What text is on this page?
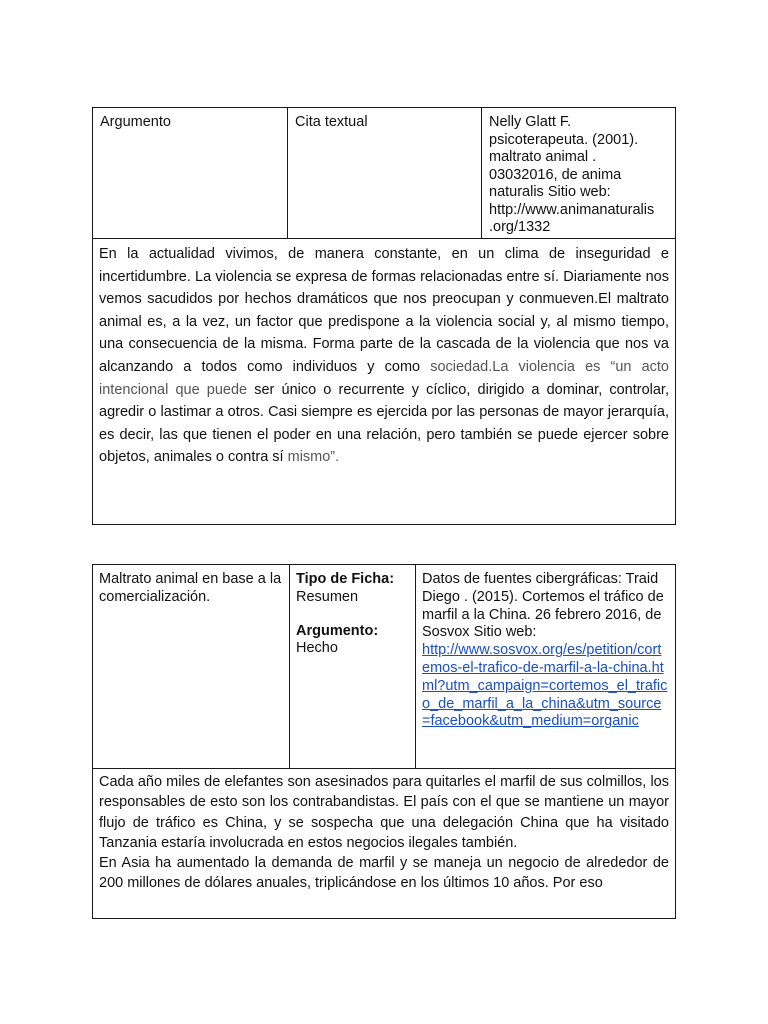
Argumento	Cita textual	Nelly Glatt F. psicoterapeuta. (2001). maltrato animal . 03032016, de anima naturalis Sitio web: http://www.animanaturalis .org/1332
En la actualidad vivimos, de manera constante, en un clima de inseguridad e incertidumbre. La violencia se expresa de formas relacionadas entre sí. Diariamente nos vemos sacudidos por hechos dramáticos que nos preocupan y conmueven.El maltrato animal es, a la vez, un factor que predispone a la violencia social y, al mismo tiempo, una consecuencia de la misma. Forma parte de la cascada de la violencia que nos va alcanzando a todos como individuos y como sociedad.La violencia es “un acto intencional que puede ser único o recurrente y cíclico, dirigido a dominar, controlar, agredir o lastimar a otros. Casi siempre es ejercida por las personas de mayor jerarquía, es decir, las que tienen el poder en una relación, pero también se puede ejercer sobre objetos, animales o contra sí mismo”.
Maltrato animal en base a la comercialización.
Tipo de Ficha:
Resumen
Argumento:
Hecho
Datos de fuentes cibergráficas: Traid Diego . (2015). Cortemos el tráfico de marfil a la China. 26 febrero 2016, de Sosvox Sitio web:
http://www.sosvox.org/es/petition/cortemos-el-trafico-de-marfil-a-la-china.html?utm_campaign=cortemos_el_trafico_de_marfil_a_la_china&utm_source=facebook&utm_medium=organic

Cada año miles de elefantes son asesinados para quitarles el marfil de sus colmillos, los responsables de esto son los contrabandistas. El país con el que se mantiene un mayor flujo de tráfico es China, y se sospecha que una delegación China que ha visitado Tanzania estaría involucrada en estos negocios ilegales también.

En Asia ha aumentado la demanda de marfil y se maneja un negocio de alrededor de 200 millones de dólares anuales, triplicándose en los últimos 10 años. Por eso
